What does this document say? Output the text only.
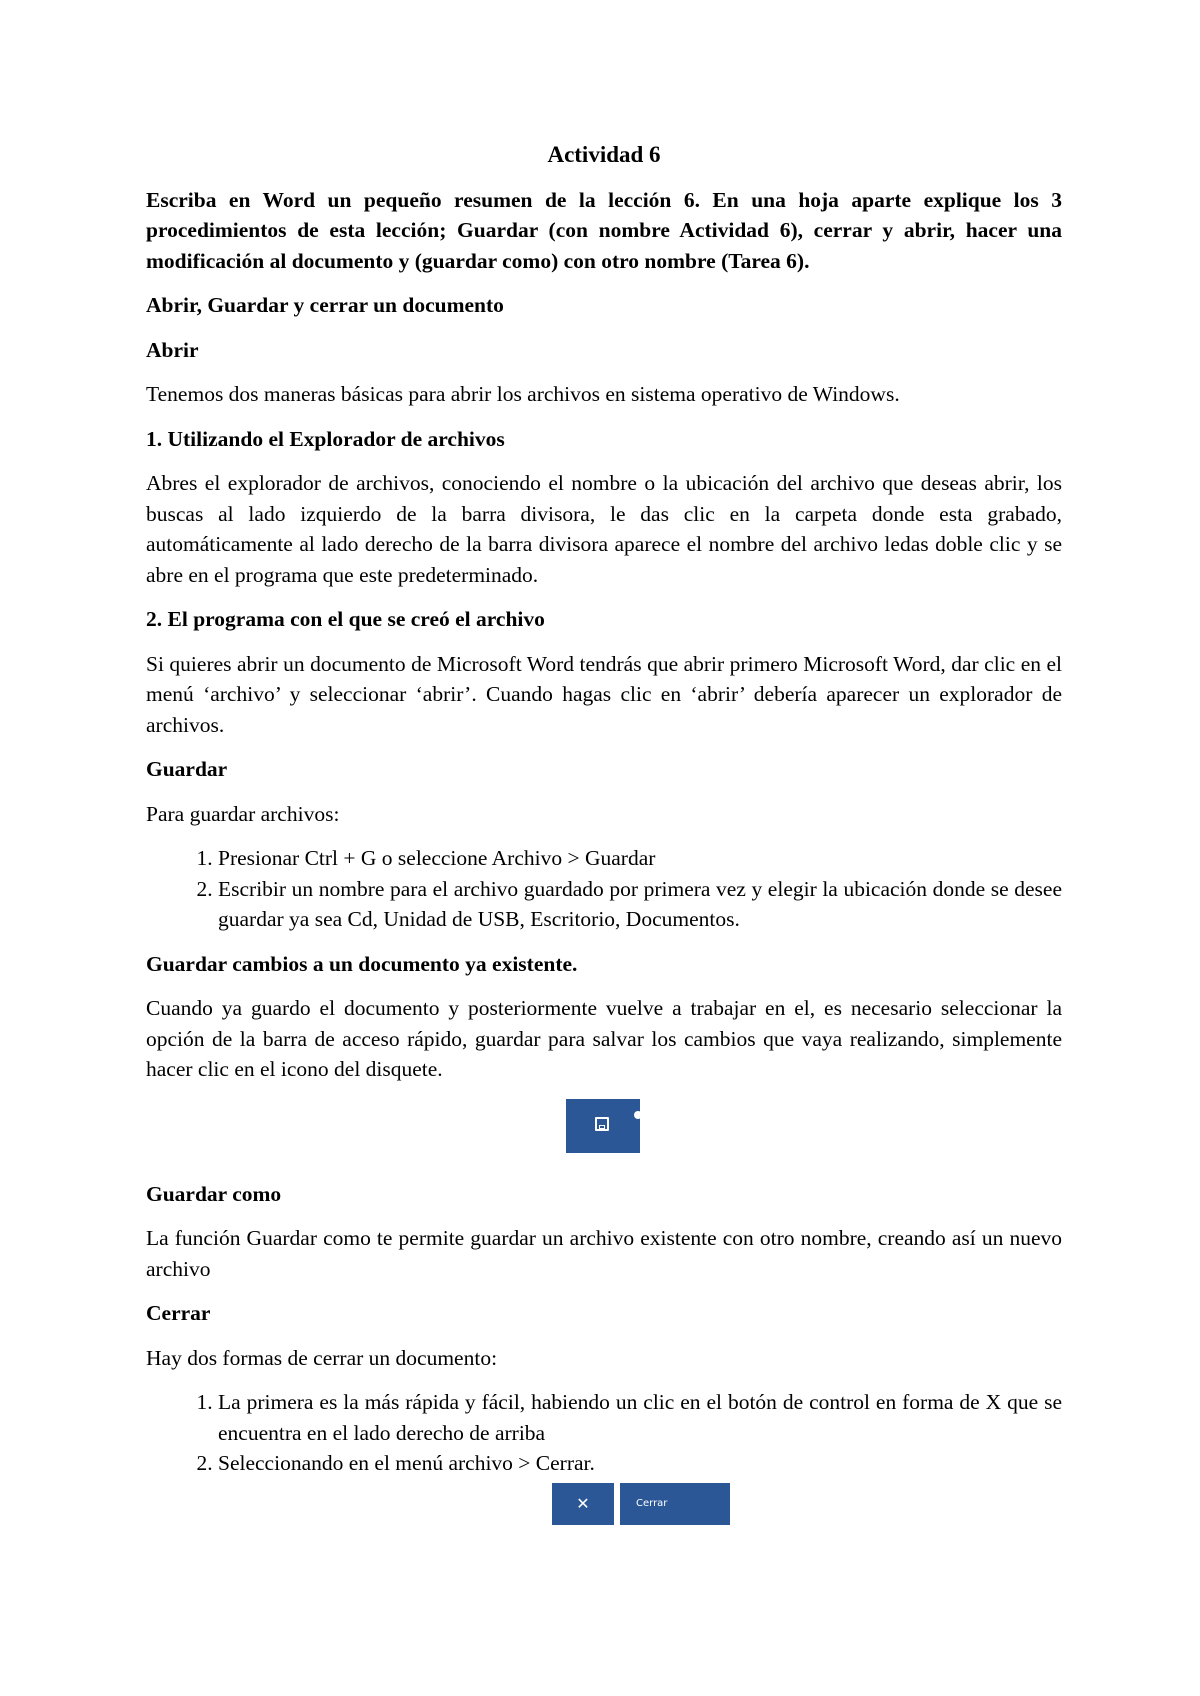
Actividad 6

Escriba en Word un pequeño resumen de la lección 6. En una hoja aparte explique los 3 procedimientos de esta lección; Guardar (con nombre Actividad 6), cerrar y abrir, hacer una modificación al documento y (guardar como) con otro nombre (Tarea 6).

Abrir, Guardar y cerrar un documento

Abrir

Tenemos dos maneras básicas para abrir los archivos en sistema operativo de Windows.

1. Utilizando el Explorador de archivos

Abres el explorador de archivos, conociendo el nombre o la ubicación del archivo que deseas abrir, los buscas al lado izquierdo de la barra divisora, le das clic en la carpeta donde esta grabado, automáticamente al lado derecho de la barra divisora aparece el nombre del archivo ledas doble clic y se abre en el programa que este predeterminado.

2. El programa con el que se creó el archivo

Si quieres abrir un documento de Microsoft Word tendrás que abrir primero Microsoft Word, dar clic en el menú ‘archivo’ y seleccionar ‘abrir’. Cuando hagas clic en ‘abrir’ debería aparecer un explorador de archivos.

Guardar

Para guardar archivos:

1. Presionar Ctrl + G o seleccione Archivo > Guardar
2. Escribir un nombre para el archivo guardado por primera vez y elegir la ubicación donde se desee guardar ya sea Cd, Unidad de USB, Escritorio, Documentos.

Guardar cambios a un documento ya existente.

Cuando ya guardo el documento y posteriormente vuelve a trabajar en el, es necesario seleccionar la opción de la barra de acceso rápido, guardar para salvar los cambios que vaya realizando, simplemente hacer clic en el icono del disquete.

Guardar como

La función Guardar como te permite guardar un archivo existente con otro nombre, creando así un nuevo archivo

Cerrar

Hay dos formas de cerrar un documento:

1. La primera es la más rápida y fácil, habiendo un clic en el botón de control en forma de X que se encuentra en el lado derecho de arriba
2. Seleccionando en el menú archivo > Cerrar.
✕	Cerrar
